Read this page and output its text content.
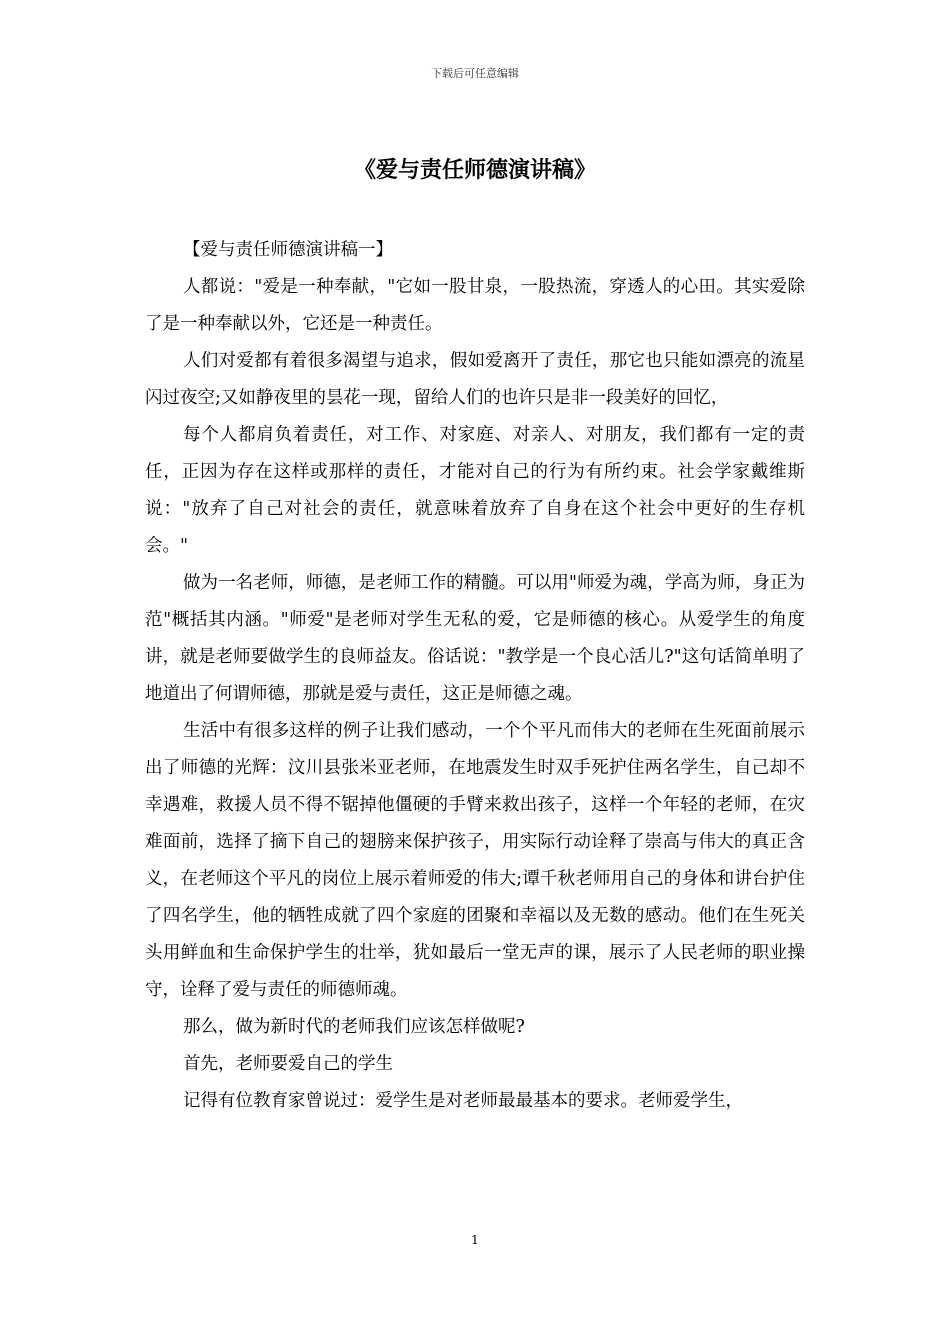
下载后可任意编辑
《爱与责任师德演讲稿》

【爱与责任师德演讲稿一】

人都说："爱是一种奉献，"它如一股甘泉，一股热流，穿透人的心田。其实爱除了是一种奉献以外，它还是一种责任。

人们对爱都有着很多渴望与追求，假如爱离开了责任，那它也只能如漂亮的流星闪过夜空;又如静夜里的昙花一现，留给人们的也许只是非一段美好的回忆，

每个人都肩负着责任，对工作、对家庭、对亲人、对朋友，我们都有一定的责任，正因为存在这样或那样的责任，才能对自己的行为有所约束。社会学家戴维斯说："放弃了自己对社会的责任，就意味着放弃了自身在这个社会中更好的生存机会。"

做为一名老师，师德，是老师工作的精髓。可以用"师爱为魂，学高为师，身正为范"概括其内涵。"师爱"是老师对学生无私的爱，它是师德的核心。从爱学生的角度讲，就是老师要做学生的良师益友。俗话说："教学是一个良心活儿?"这句话简单明了地道出了何谓师德，那就是爱与责任，这正是师德之魂。

生活中有很多这样的例子让我们感动，一个个平凡而伟大的老师在生死面前展示出了师德的光辉：汶川县张米亚老师，在地震发生时双手死护住两名学生，自己却不幸遇难，救援人员不得不锯掉他僵硬的手臂来救出孩子，这样一个年轻的老师，在灾难面前，选择了摘下自己的翅膀来保护孩子，用实际行动诠释了崇高与伟大的真正含义，在老师这个平凡的岗位上展示着师爱的伟大;谭千秋老师用自己的身体和讲台护住了四名学生，他的牺牲成就了四个家庭的团聚和幸福以及无数的感动。他们在生死关头用鲜血和生命保护学生的壮举，犹如最后一堂无声的课，展示了人民老师的职业操守，诠释了爱与责任的师德师魂。

那么，做为新时代的老师我们应该怎样做呢?

首先，老师要爱自己的学生

记得有位教育家曾说过：爱学生是对老师最最基本的要求。老师爱学生，

1
